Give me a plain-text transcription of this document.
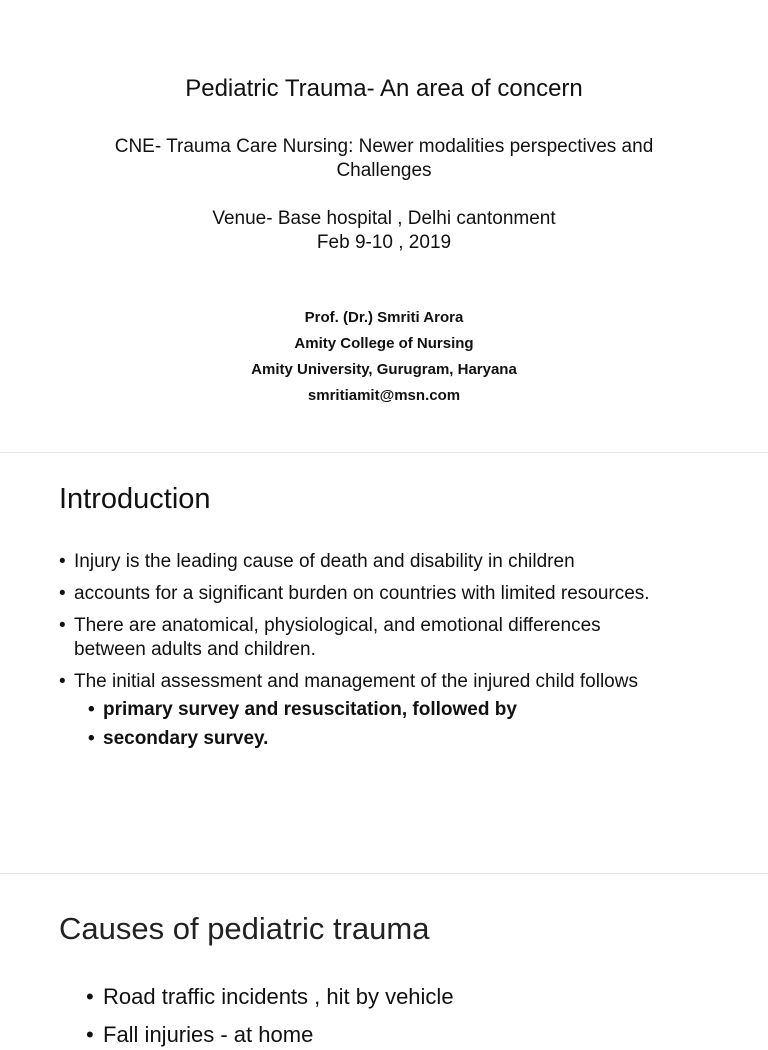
Pediatric Trauma- An area of concern
CNE- Trauma Care Nursing: Newer modalities perspectives and
Challenges
Venue- Base hospital , Delhi cantonment
Feb 9-10 , 2019
Prof. (Dr.) Smriti Arora
Amity College of Nursing
Amity University, Gurugram, Haryana
smritiamit@msn.com
Introduction
• Injury is the leading cause of death and disability in children
• accounts for a significant burden on countries with limited resources.
• There are anatomical, physiological, and emotional differences between adults and children.
• The initial assessment and management of the injured child follows
• primary survey and resuscitation, followed by
• secondary survey.
Causes of pediatric trauma
• Road traffic incidents , hit by vehicle
• Fall injuries - at home
